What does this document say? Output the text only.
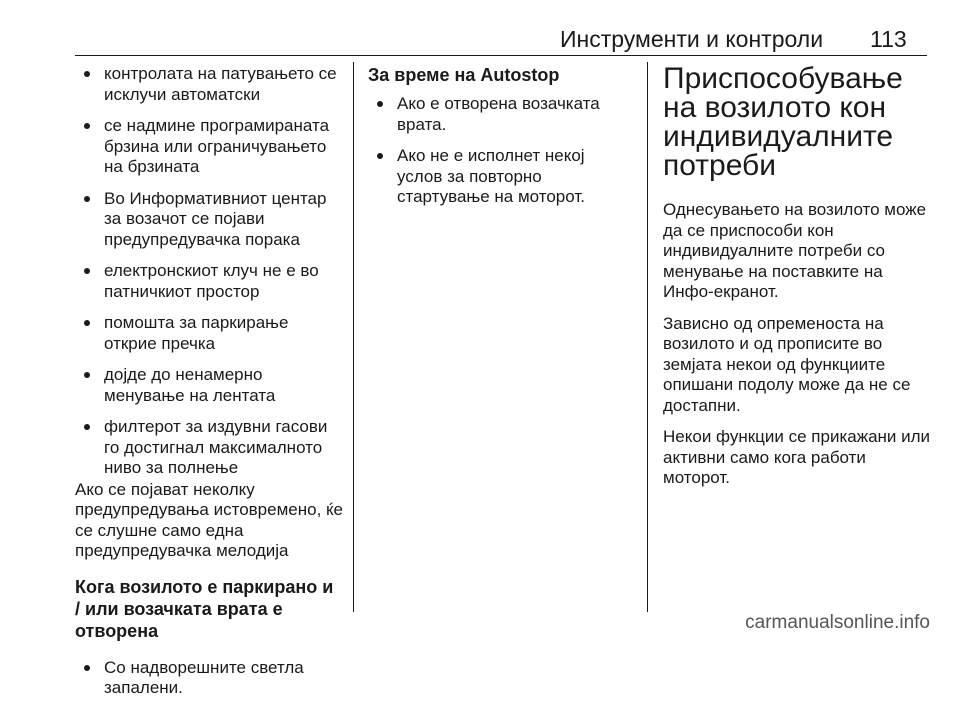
Инструменти и контроли 113
контролата на патувањето се исклучи автоматски
се надмине програмираната брзина или ограничувањето на брзината
Во Информативниот центар за возачот се појави предупредувачка порака
електронскиот клуч не е во патничкиот простор
помошта за паркирање открие пречка
дојде до ненамерно менување на лентата
филтерот за издувни гасови го достигнал максималното ниво за полнење

Ако се појават неколку предупредувања истовремено, ќе се слушне само една предупредувачка мелодија

Кога возилото е паркирано и / или возачката врата е отворена
Со надворешните светла запалени.
За време на Autostop
Ако е отворена возачката врата.
Ако не е исполнет некој услов за повторно стартување на моторот.
Приспособување на возилото кон индивидуалните потреби

Однесувањето на возилото може да се приспособи кон индивидуалните потреби со менување на поставките на Инфо-екранот.

Зависно од опременоста на возилото и од прописите во земјата некои од функциите опишани подолу може да не се достапни.

Некои функции се прикажани или активни само кога работи моторот.

carmanualsonline.info
